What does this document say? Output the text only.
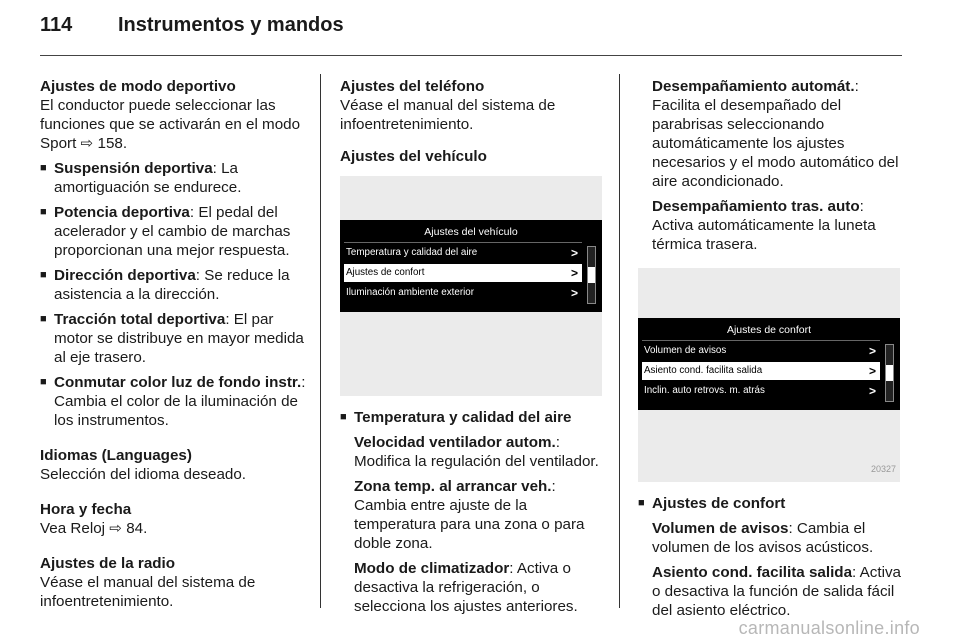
114 Instrumentos y mandos

Ajustes de modo deportivo

El conductor puede seleccionar las funciones que se activarán en el modo Sport ⇨ 158.

■ Suspensión deportiva: La amortiguación se endurece.
■ Potencia deportiva: El pedal del acelerador y el cambio de marchas proporcionan una mejor respuesta.
■ Dirección deportiva: Se reduce la asistencia a la dirección.
■ Tracción total deportiva: El par motor se distribuye en mayor medida al eje trasero.
■ Conmutar color luz de fondo instr.: Cambia el color de la iluminación de los instrumentos.

Idiomas (Languages)

Selección del idioma deseado.

Hora y fecha

Vea Reloj ⇨ 84.

Ajustes de la radio

Véase el manual del sistema de infoentretenimiento.

Ajustes del teléfono

Véase el manual del sistema de infoentretenimiento.

Ajustes del vehículo

Ajustes del vehículo
Temperatura y calidad del aire	>
Ajustes de confort	>
Iluminación ambiente exterior	>
■ Temperatura y calidad del aire

Velocidad ventilador autom.: Modifica la regulación del ventilador.

Zona temp. al arrancar veh.: Cambia entre ajuste de la temperatura para una zona o para doble zona.

Modo de climatizador: Activa o desactiva la refrigeración, o selecciona los ajustes anteriores.

Desempañamiento automát.: Facilita el desempañado del parabrisas seleccionando automáticamente los ajustes necesarios y el modo automático del aire acondicionado.

Desempañamiento tras. auto: Activa automáticamente la luneta térmica trasera.

Ajustes de confort
Volumen de avisos	>
Asiento cond. facilita salida	>
Inclin. auto retrovs. m. atrás	>
20327
■ Ajustes de confort

Volumen de avisos: Cambia el volumen de los avisos acústicos.

Asiento cond. facilita salida: Activa o desactiva la función de salida fácil del asiento eléctrico.

carmanualsonline.info
